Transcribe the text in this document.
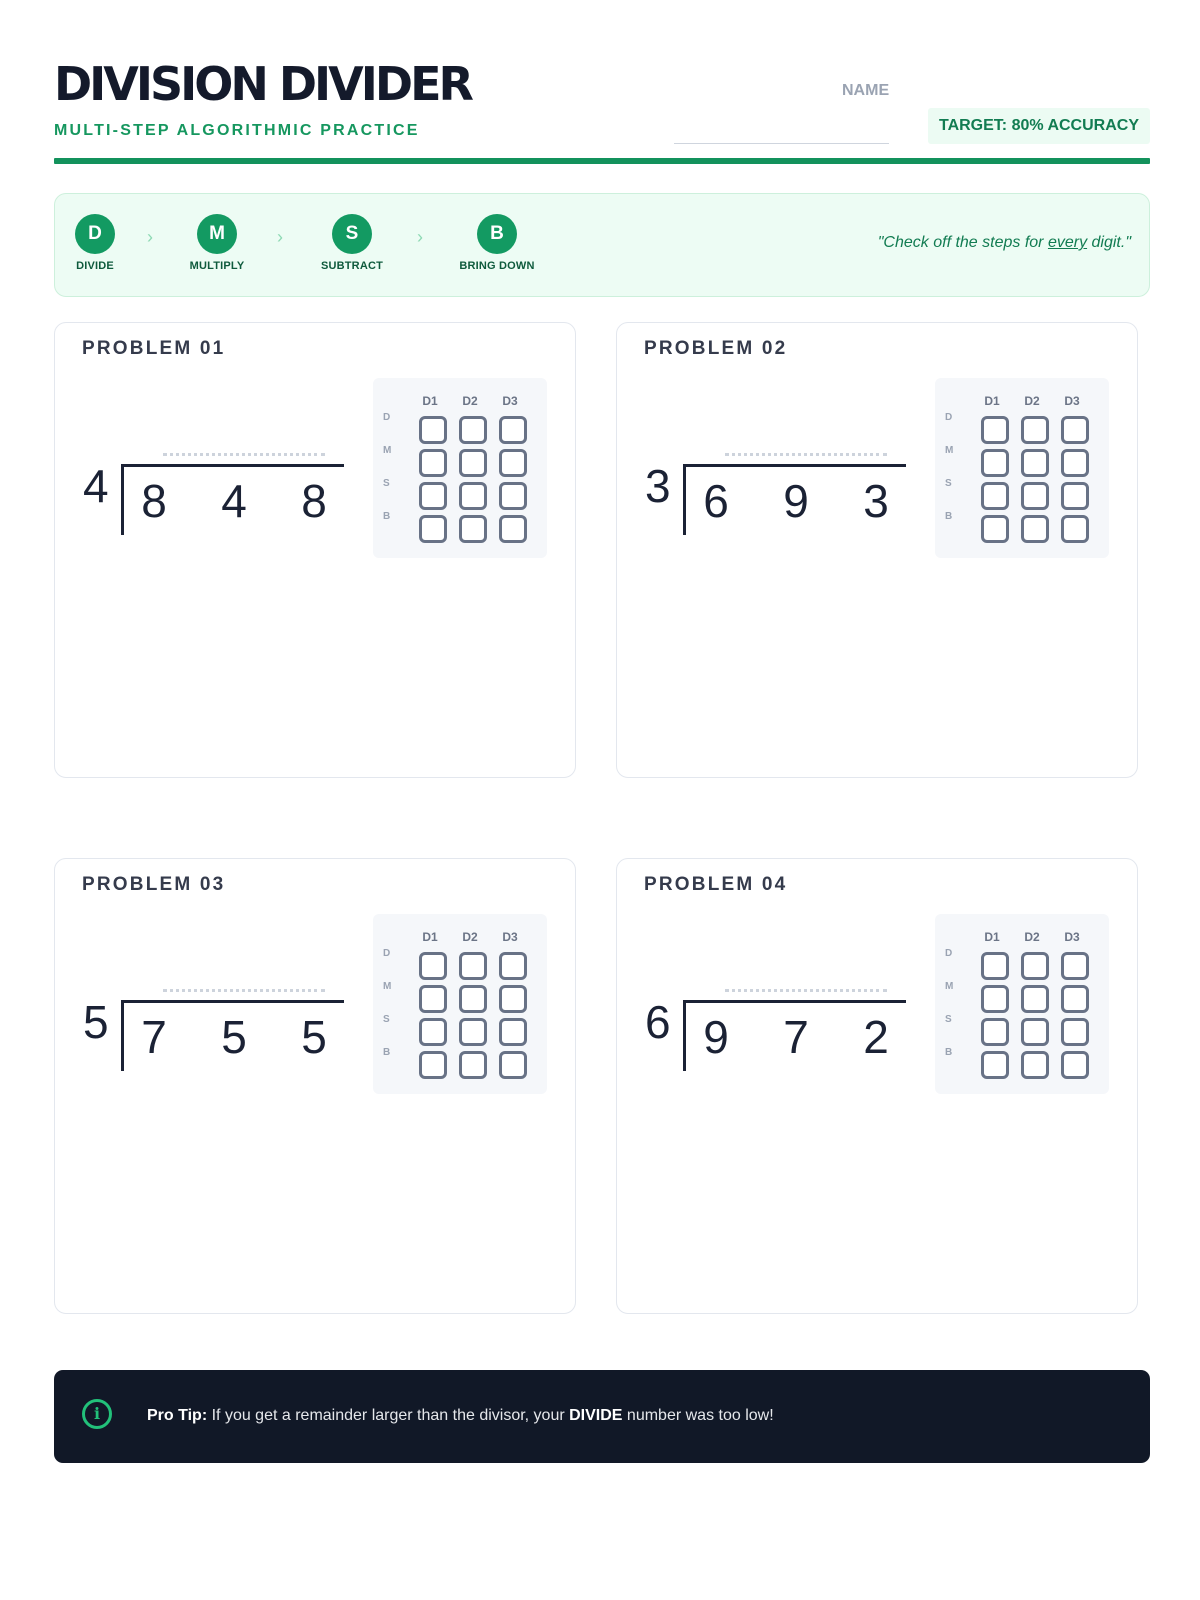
DIVISION DIVIDER
MULTI-STEP ALGORITHMIC PRACTICE
NAME
TARGET: 80% ACCURACY
D
DIVIDE
›	M
MULTIPLY
›	S
SUBTRACT
›	B
BRING DOWN
"Check off the steps for every digit."
PROBLEM 01
4 8 4 8
D1	D2	D3
D
M
S
B
PROBLEM 02
3 6 9 3
D1	D2	D3
D
M
S
B
PROBLEM 03
5 7 5 5
D1	D2	D3
D
M
S
B
PROBLEM 04
6 9 7 2
D1	D2	D3
D
M
S
B
i	Pro Tip: If you get a remainder larger than the divisor, your DIVIDE number was too low!
